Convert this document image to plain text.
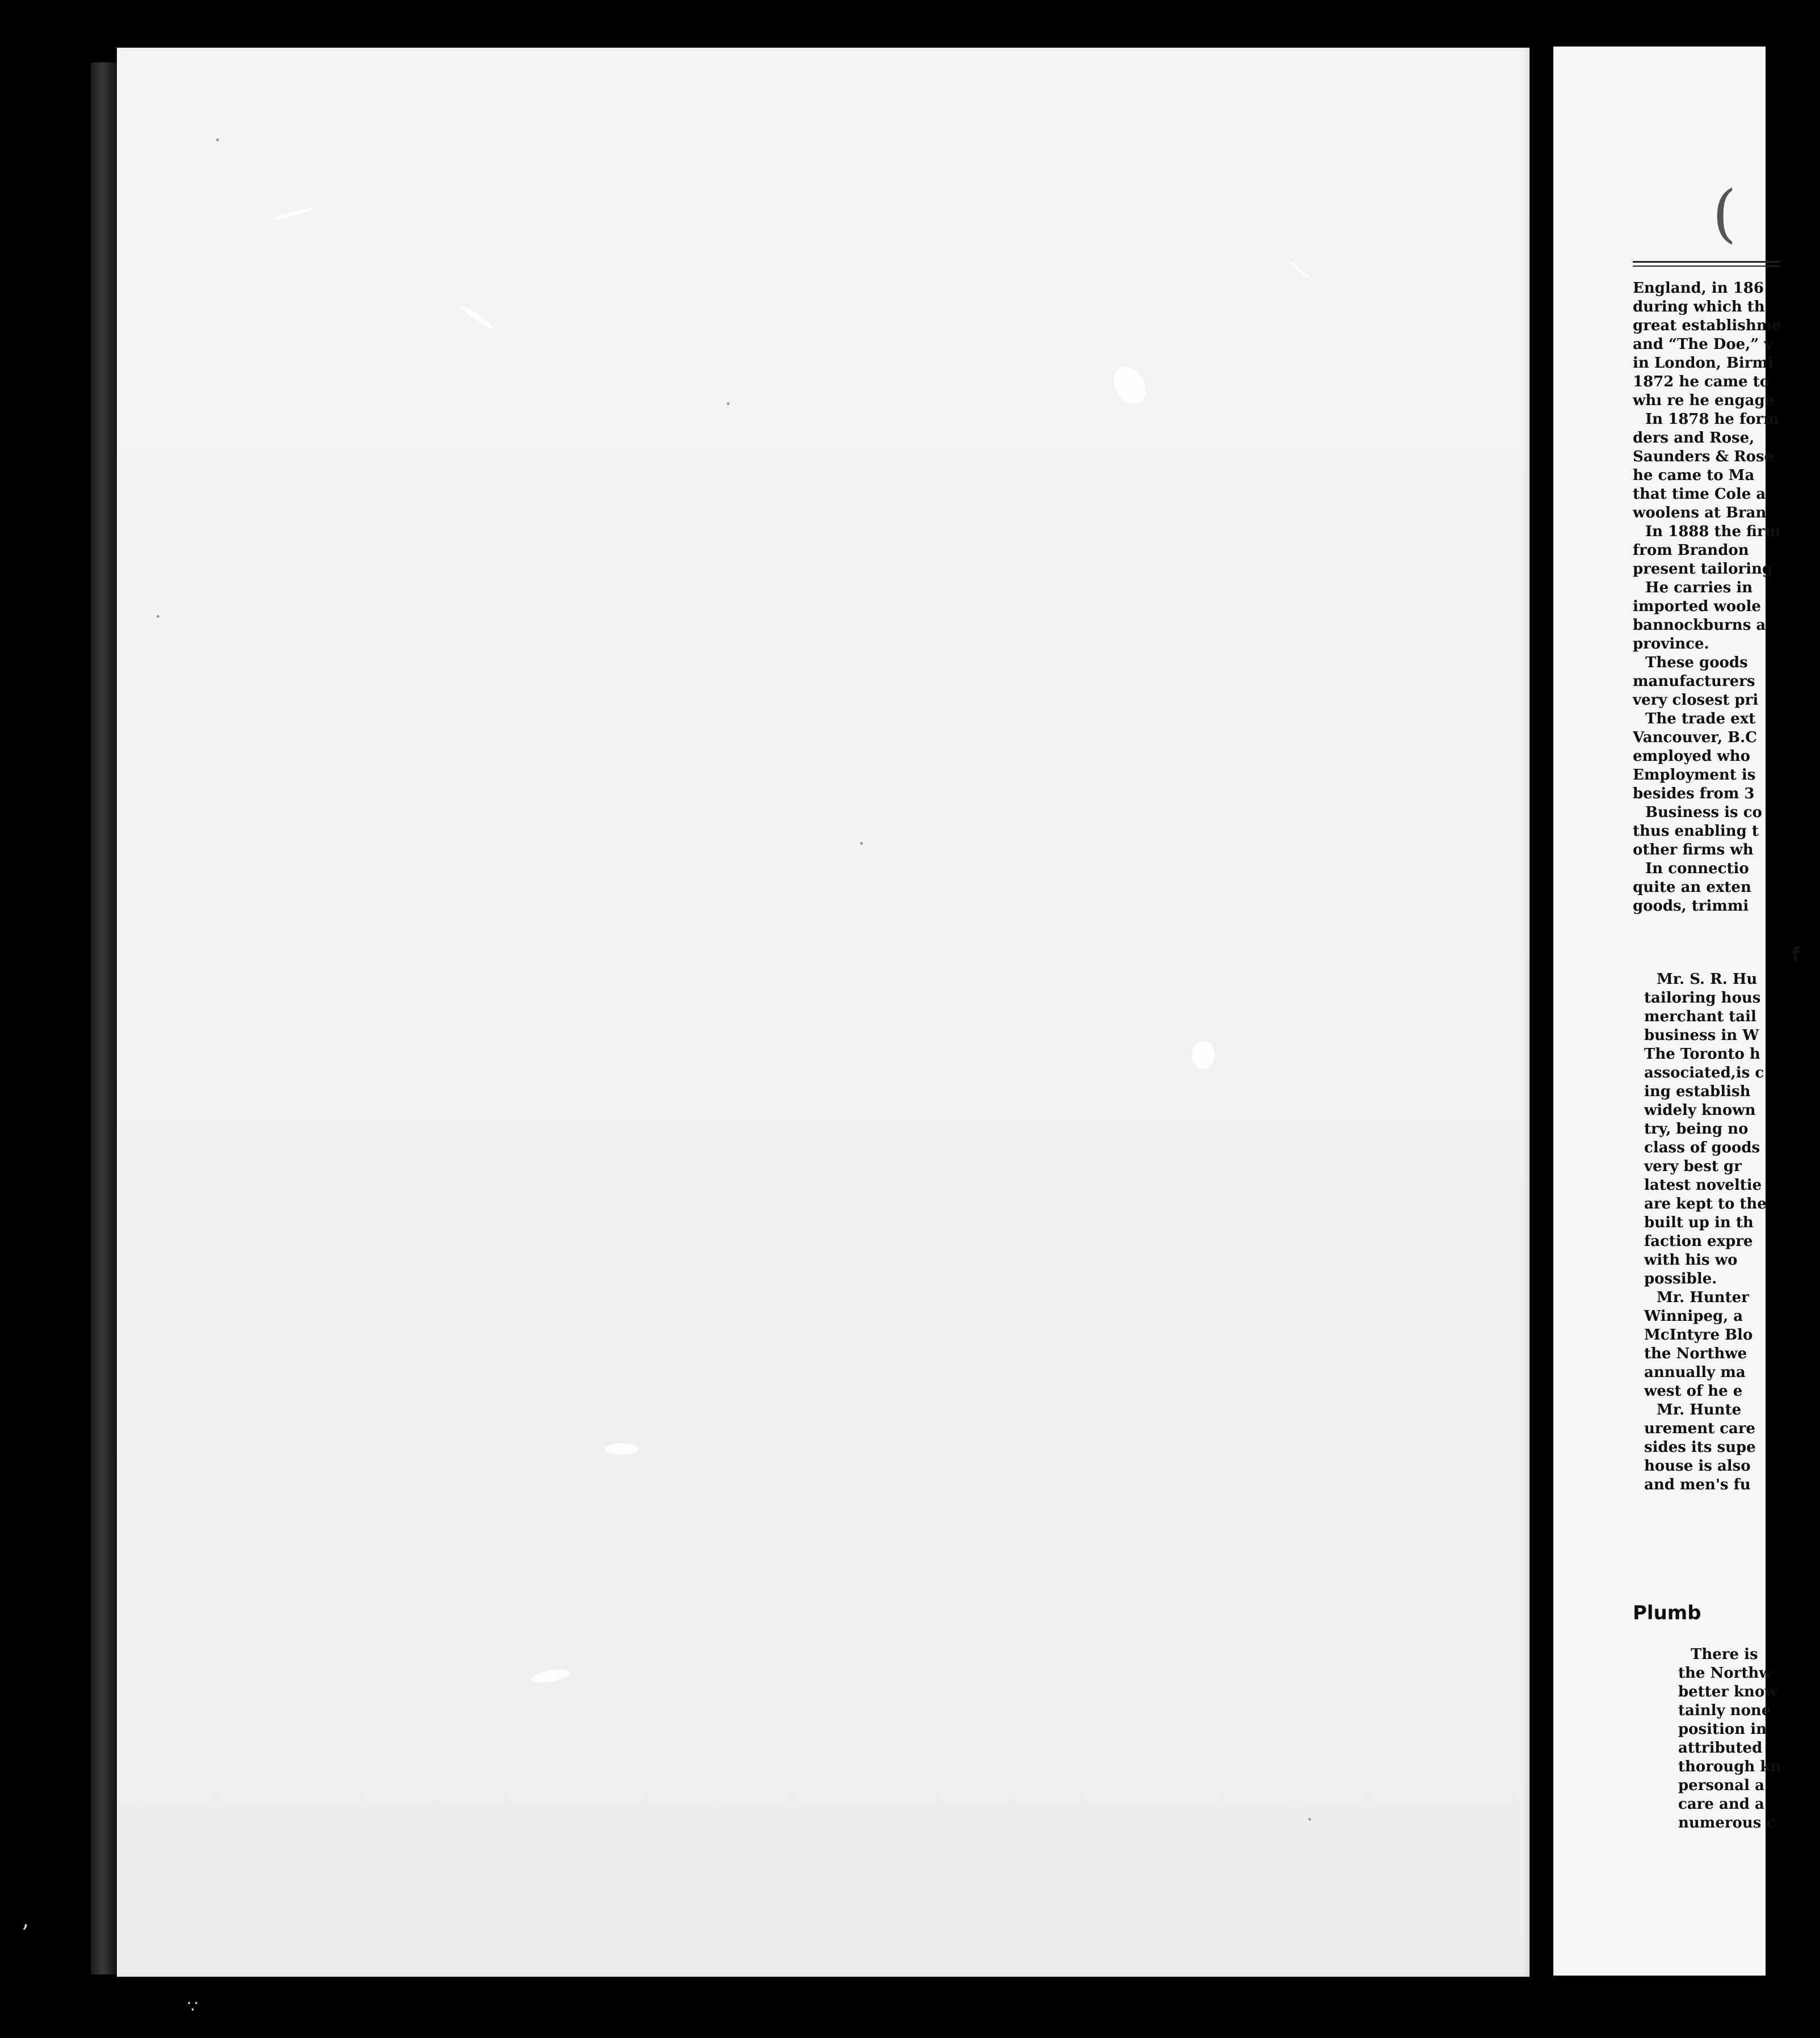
(
England, in 186
during which th
great establishme
and “The Doe,” v
in London, Birmi
1872 he came to
whı re he engage
In 1878 he form
ders and Rose,
Saunders & Rose
he came to Ma
that time Cole a
woolens at Bran
In 1888 the firm
from Brandon
present tailoring
He carries in
imported woole
bannockburns a
province.
These goods
manufacturers
very closest pri
The trade ext
Vancouver, B.C
employed who
Employment is
besides from 3
Business is co
thus enabling t
other firms wh
In connectio
quite an exten
goods, trimmi
f
Mr. S. R. Hu
tailoring hous
merchant tail
business in W
The Toronto h
associated,is c
ing establish
widely known
try, being no
class of goods
very best gr
latest noveltie
are kept to the
built up in th
faction expre
with his wo
possible.
Mr. Hunter
Winnipeg, a
McIntyre Blo
the Northwe
annually ma
west of he e
Mr. Hunte
urement care
sides its supe
house is also
and men's fu
Plumb
There is
the Northw
better know
tainly none
position in
attributed
thorough kn
personal a
care and a
numerous c
’
∵
